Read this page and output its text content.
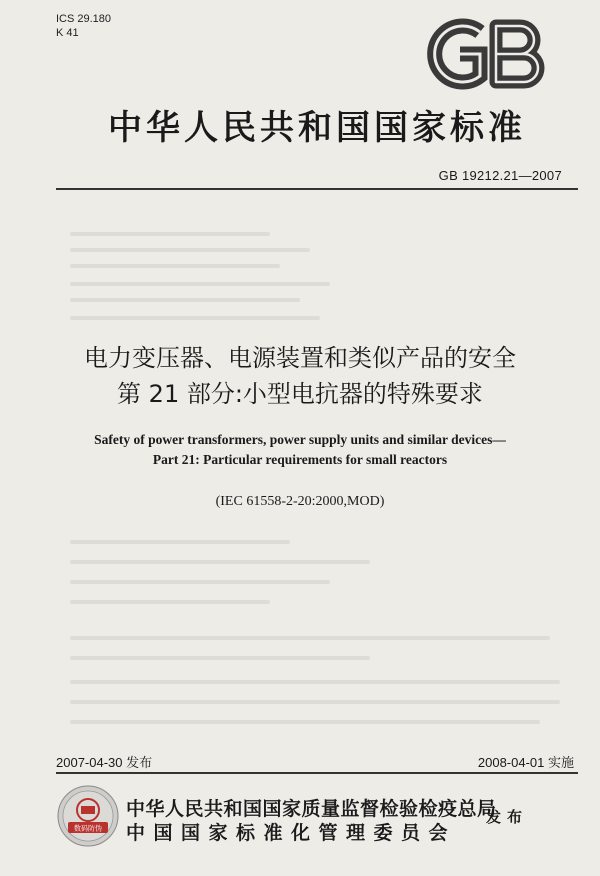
ICS 29.180
K 41
中华人民共和国国家标准
GB 19212.21—2007
电力变压器、电源装置和类似产品的安全
第 21 部分:小型电抗器的特殊要求
Safety of power transformers, power supply units and similar devices—
Part 21: Particular requirements for small reactors
(IEC 61558-2-20:2000,MOD)
2007-04-30 发布	2008-04-01 实施
数码防伪
中华人民共和国国家质量监督检验检疫总局
中国国家标准化管理委员会
发布
